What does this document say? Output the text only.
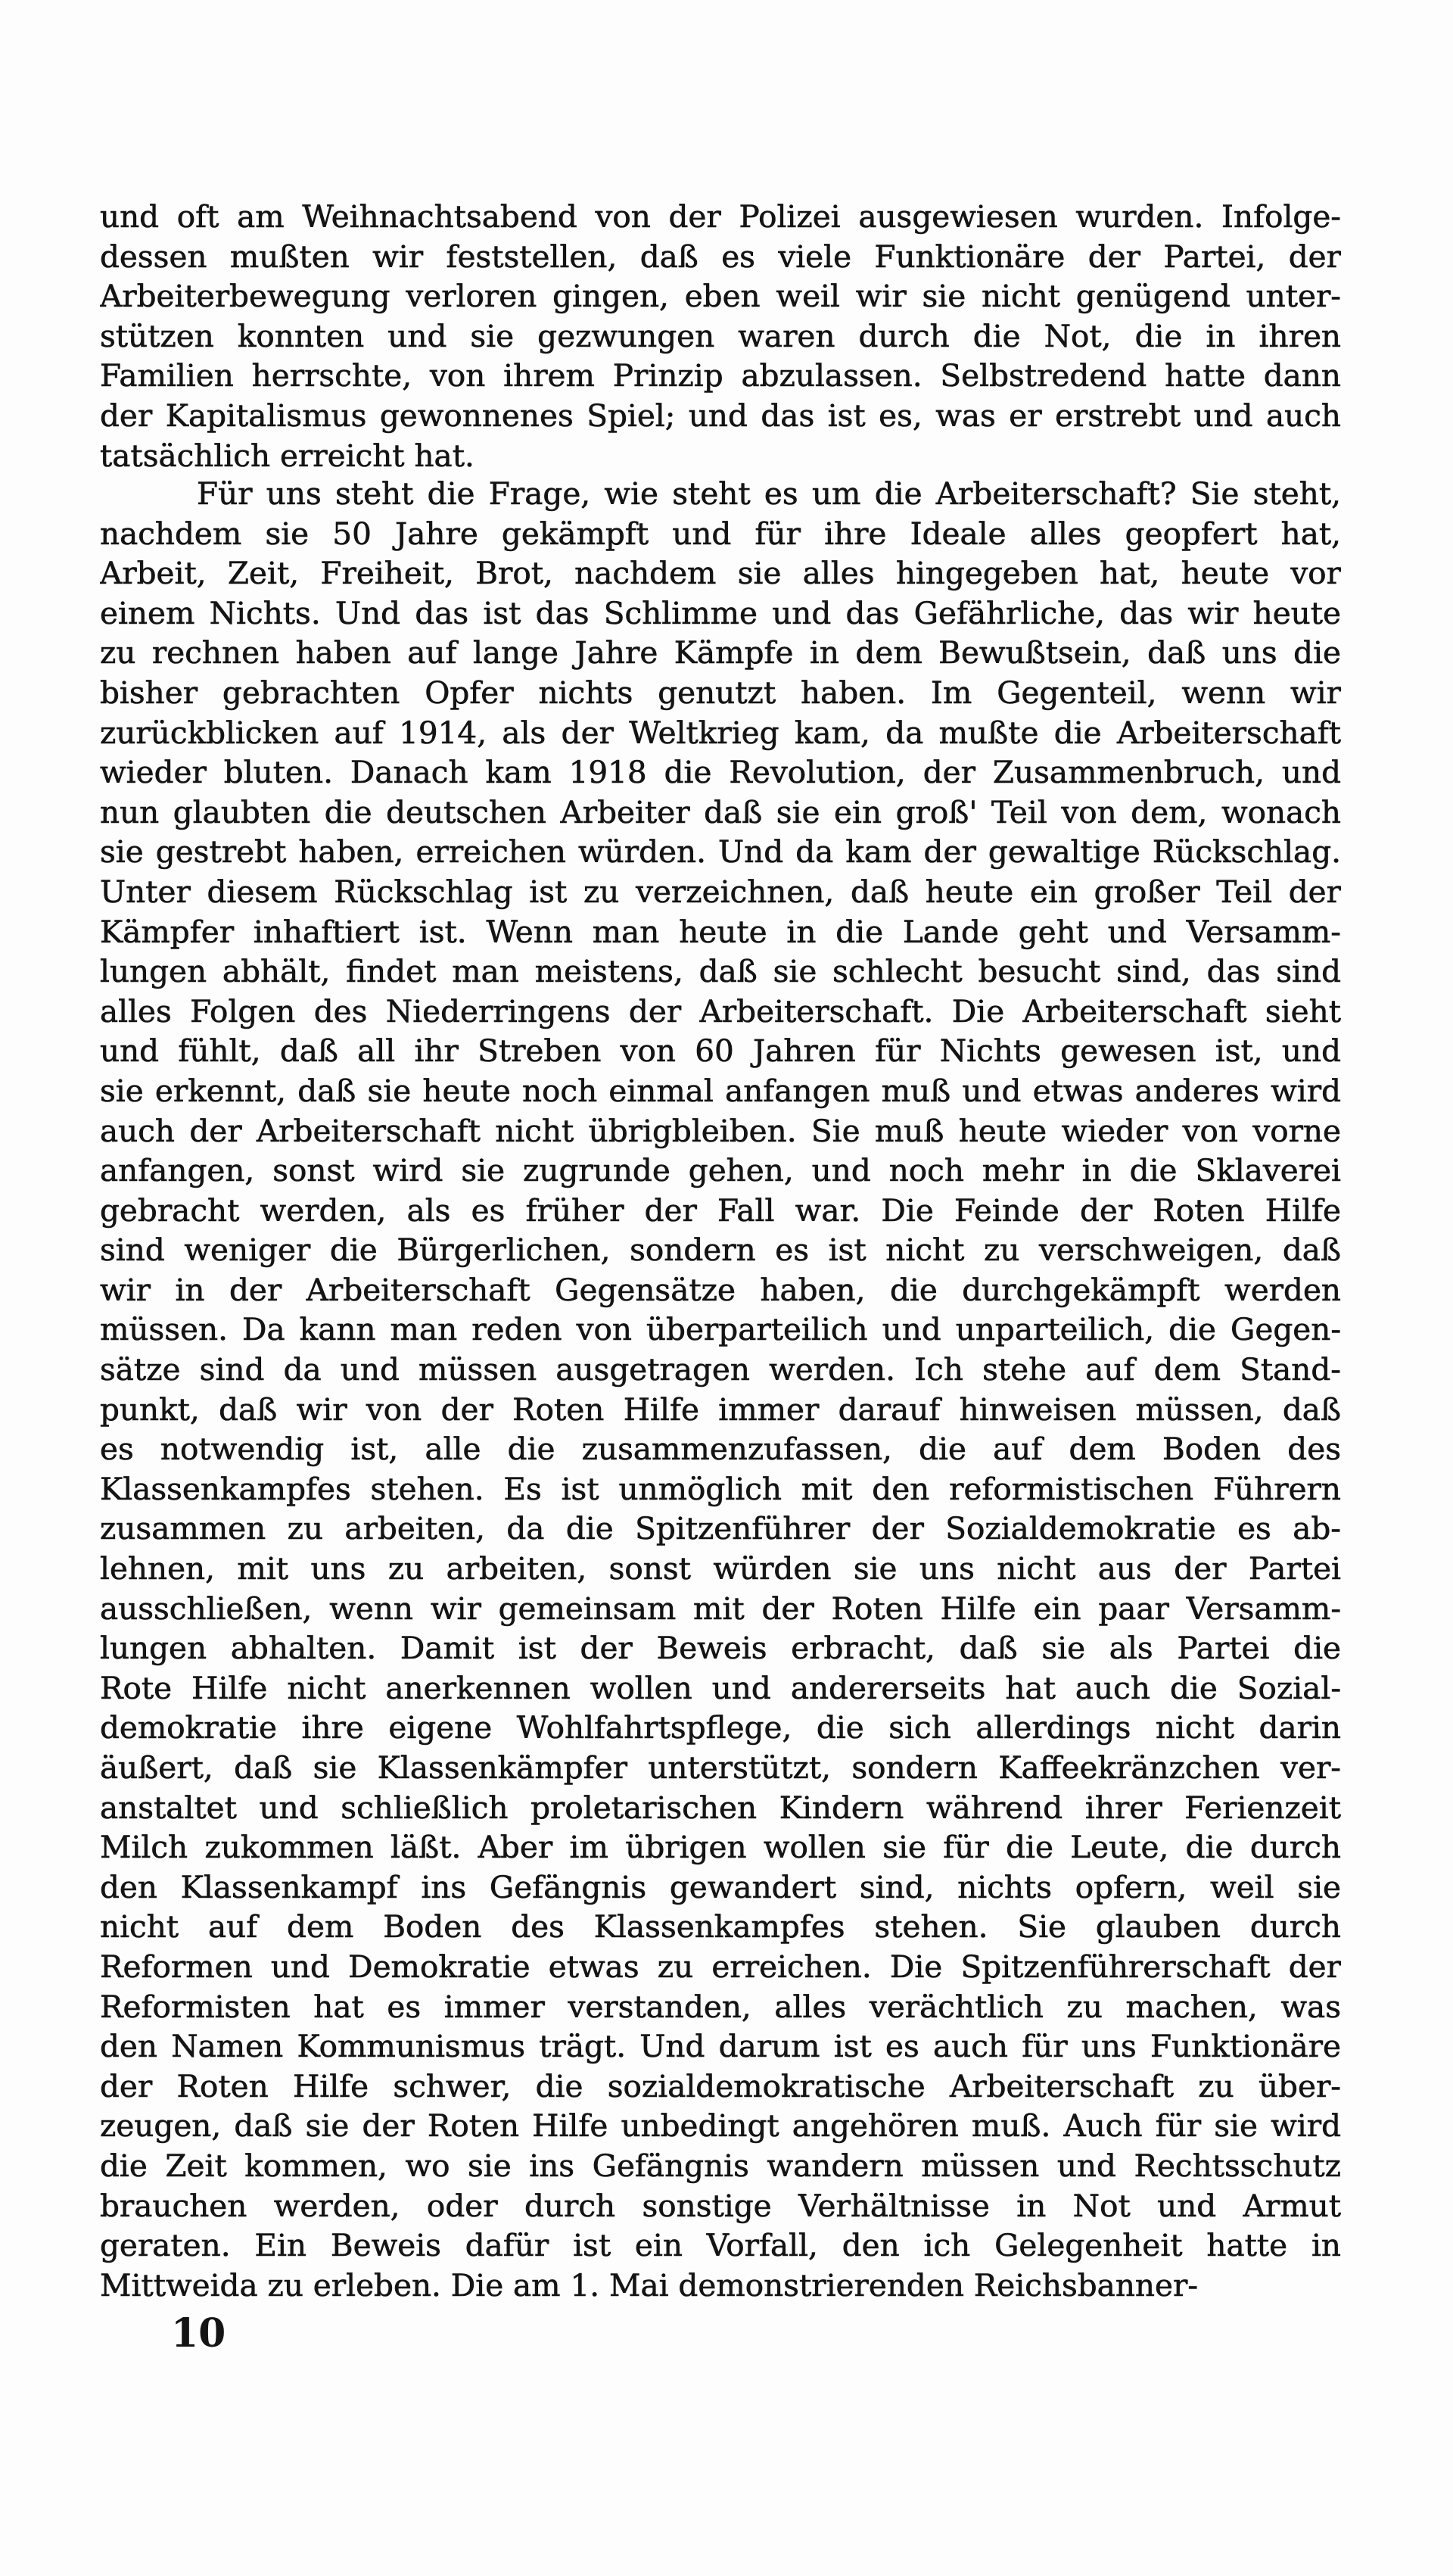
und oft am Weihnachtsabend von der Polizei ausgewiesen wurden. Infolge-
dessen mußten wir feststellen, daß es viele Funktionäre der Partei, der
Arbeiterbewegung verloren gingen, eben weil wir sie nicht genügend unter-
stützen konnten und sie gezwungen waren durch die Not, die in ihren
Familien herrschte, von ihrem Prinzip abzulassen. Selbstredend hatte dann
der Kapitalismus gewonnenes Spiel; und das ist es, was er erstrebt und auch
tatsächlich erreicht hat.
Für uns steht die Frage, wie steht es um die Arbeiterschaft? Sie steht,
nachdem sie 50 Jahre gekämpft und für ihre Ideale alles geopfert hat,
Arbeit, Zeit, Freiheit, Brot, nachdem sie alles hingegeben hat, heute vor
einem Nichts. Und das ist das Schlimme und das Gefährliche, das wir heute
zu rechnen haben auf lange Jahre Kämpfe in dem Bewußtsein, daß uns die
bisher gebrachten Opfer nichts genutzt haben. Im Gegenteil, wenn wir
zurückblicken auf 1914, als der Weltkrieg kam, da mußte die Arbeiterschaft
wieder bluten. Danach kam 1918 die Revolution, der Zusammenbruch, und
nun glaubten die deutschen Arbeiter daß sie ein groß' Teil von dem, wonach
sie gestrebt haben, erreichen würden. Und da kam der gewaltige Rückschlag.
Unter diesem Rückschlag ist zu verzeichnen, daß heute ein großer Teil der
Kämpfer inhaftiert ist. Wenn man heute in die Lande geht und Versamm-
lungen abhält, findet man meistens, daß sie schlecht besucht sind, das sind
alles Folgen des Niederringens der Arbeiterschaft. Die Arbeiterschaft sieht
und fühlt, daß all ihr Streben von 60 Jahren für Nichts gewesen ist, und
sie erkennt, daß sie heute noch einmal anfangen muß und etwas anderes wird
auch der Arbeiterschaft nicht übrigbleiben. Sie muß heute wieder von vorne
anfangen, sonst wird sie zugrunde gehen, und noch mehr in die Sklaverei
gebracht werden, als es früher der Fall war. Die Feinde der Roten Hilfe
sind weniger die Bürgerlichen, sondern es ist nicht zu verschweigen, daß
wir in der Arbeiterschaft Gegensätze haben, die durchgekämpft werden
müssen. Da kann man reden von überparteilich und unparteilich, die Gegen-
sätze sind da und müssen ausgetragen werden. Ich stehe auf dem Stand-
punkt, daß wir von der Roten Hilfe immer darauf hinweisen müssen, daß
es notwendig ist, alle die zusammenzufassen, die auf dem Boden des
Klassenkampfes stehen. Es ist unmöglich mit den reformistischen Führern
zusammen zu arbeiten, da die Spitzenführer der Sozialdemokratie es ab-
lehnen, mit uns zu arbeiten, sonst würden sie uns nicht aus der Partei
ausschließen, wenn wir gemeinsam mit der Roten Hilfe ein paar Versamm-
lungen abhalten. Damit ist der Beweis erbracht, daß sie als Partei die
Rote Hilfe nicht anerkennen wollen und andererseits hat auch die Sozial-
demokratie ihre eigene Wohlfahrtspflege, die sich allerdings nicht darin
äußert, daß sie Klassenkämpfer unterstützt, sondern Kaffeekränzchen ver-
anstaltet und schließlich proletarischen Kindern während ihrer Ferienzeit
Milch zukommen läßt. Aber im übrigen wollen sie für die Leute, die durch
den Klassenkampf ins Gefängnis gewandert sind, nichts opfern, weil sie
nicht auf dem Boden des Klassenkampfes stehen. Sie glauben durch
Reformen und Demokratie etwas zu erreichen. Die Spitzenführerschaft der
Reformisten hat es immer verstanden, alles verächtlich zu machen, was
den Namen Kommunismus trägt. Und darum ist es auch für uns Funktionäre
der Roten Hilfe schwer, die sozialdemokratische Arbeiterschaft zu über-
zeugen, daß sie der Roten Hilfe unbedingt angehören muß. Auch für sie wird
die Zeit kommen, wo sie ins Gefängnis wandern müssen und Rechtsschutz
brauchen werden, oder durch sonstige Verhältnisse in Not und Armut
geraten. Ein Beweis dafür ist ein Vorfall, den ich Gelegenheit hatte in
Mittweida zu erleben. Die am 1. Mai demonstrierenden Reichsbanner-
10
